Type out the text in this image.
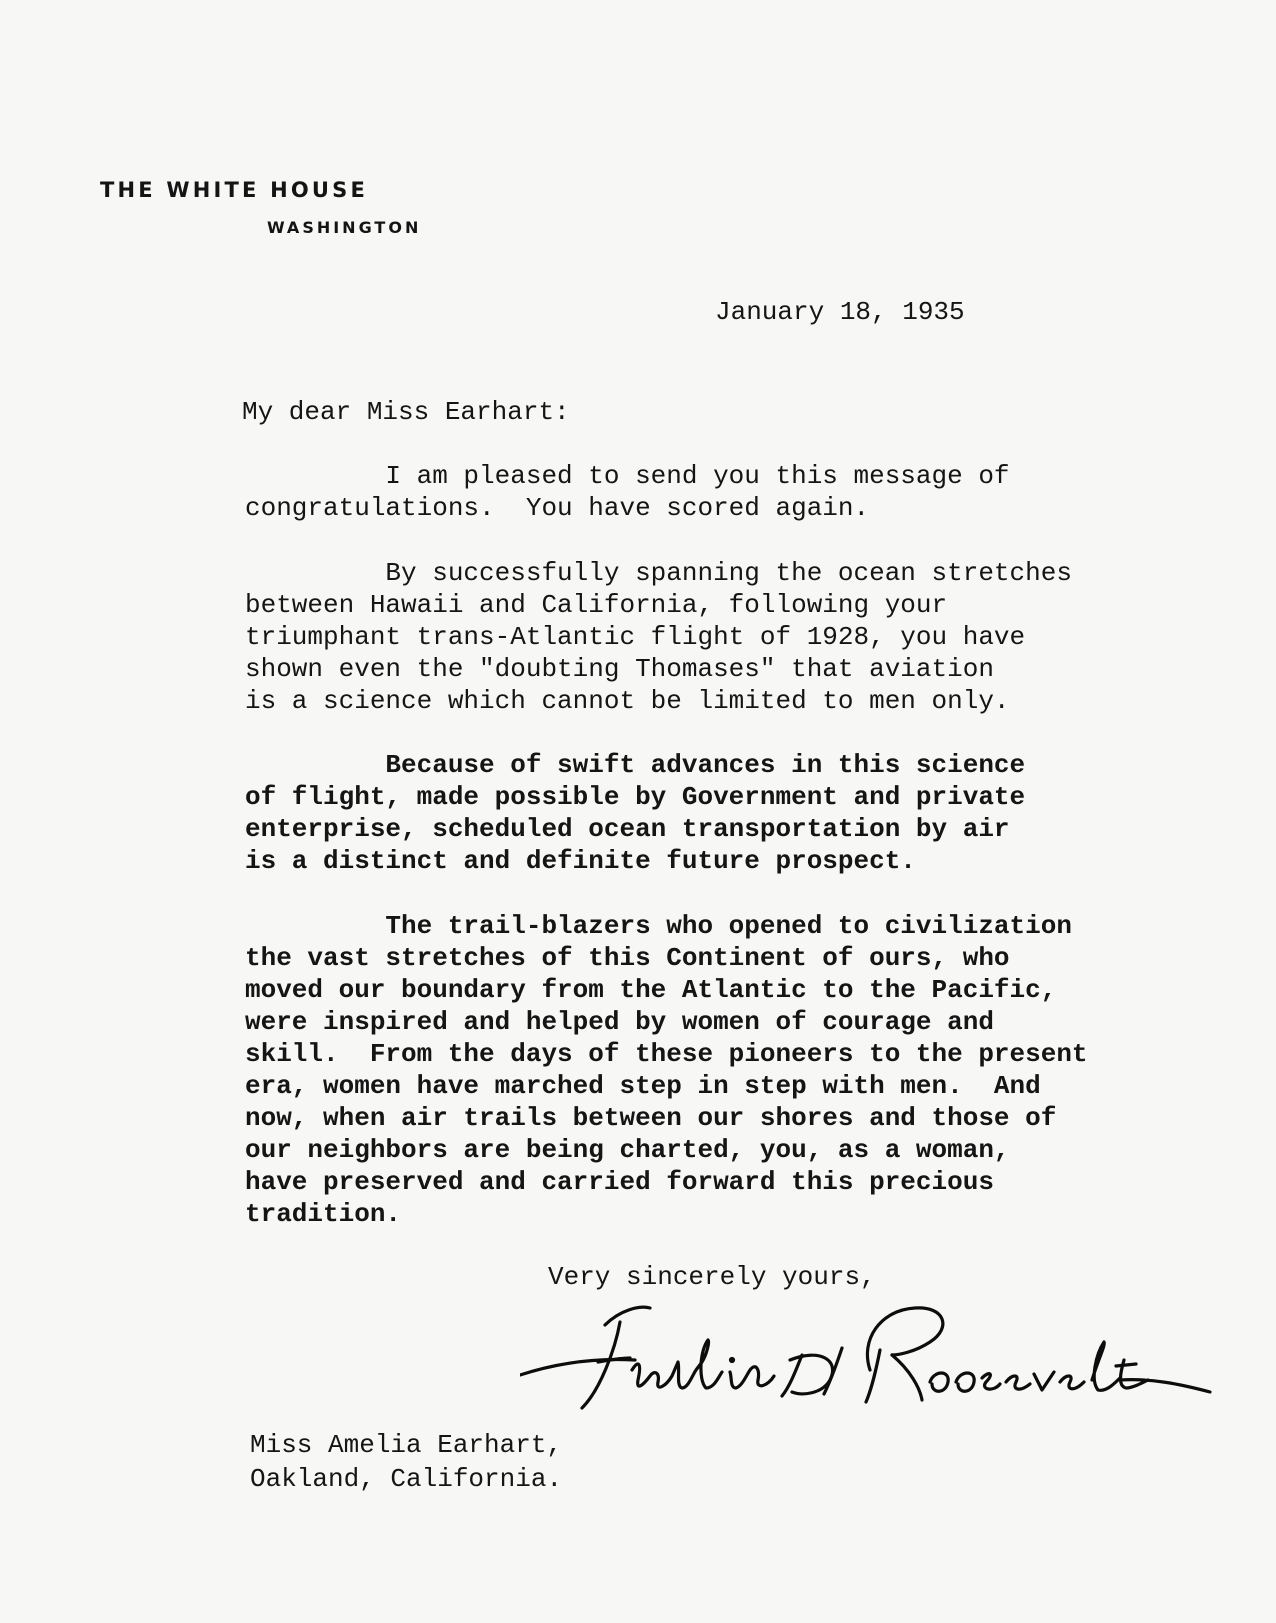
THE WHITE HOUSE
WASHINGTON
January 18, 1935
My dear Miss Earhart:
I am pleased to send you this message of
congratulations.  You have scored again.
By successfully spanning the ocean stretches
between Hawaii and California, following your
triumphant trans-Atlantic flight of 1928, you have
shown even the "doubting Thomases" that aviation
is a science which cannot be limited to men only.
Because of swift advances in this science
of flight, made possible by Government and private
enterprise, scheduled ocean transportation by air
is a distinct and definite future prospect.
The trail-blazers who opened to civilization
the vast stretches of this Continent of ours, who
moved our boundary from the Atlantic to the Pacific,
were inspired and helped by women of courage and
skill.  From the days of these pioneers to the present
era, women have marched step in step with men.  And
now, when air trails between our shores and those of
our neighbors are being charted, you, as a woman,
have preserved and carried forward this precious
tradition.
Very sincerely yours,
Miss Amelia Earhart,
Oakland, California.
